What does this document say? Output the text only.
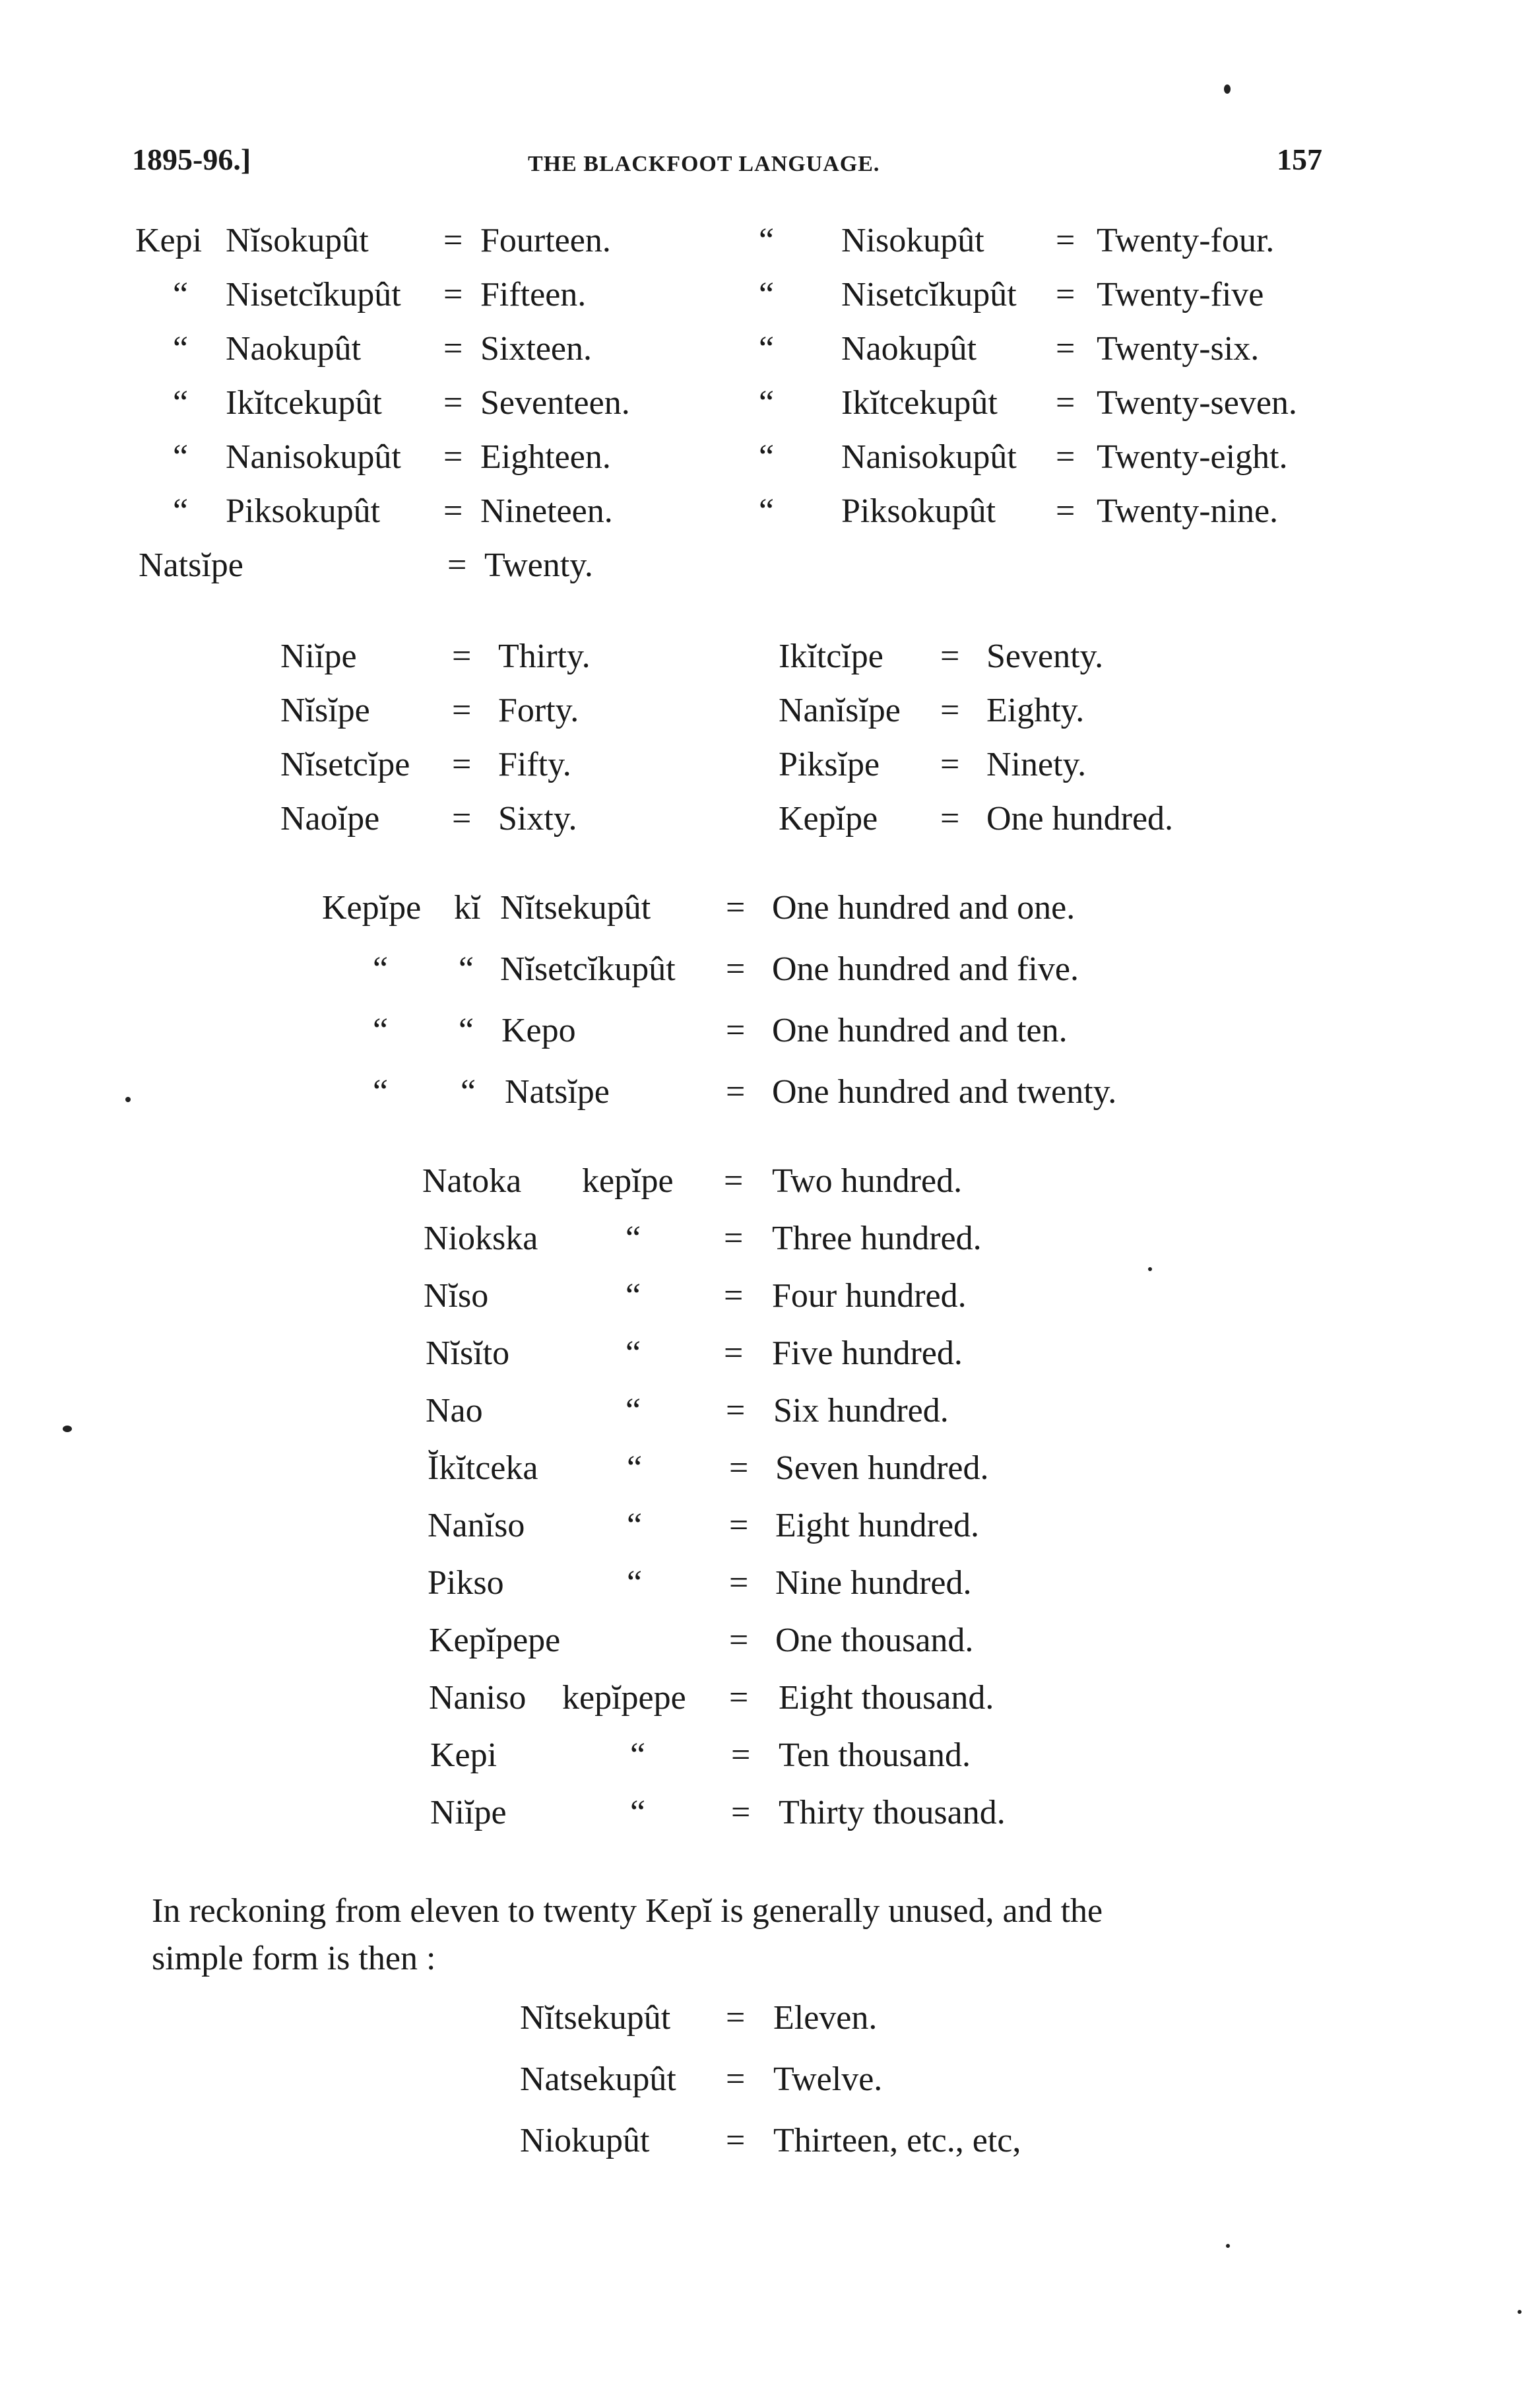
1895-96.]	THE BLACKFOOT LANGUAGE.	157
Kepi Nĭsokupût = Fourteen.
“ Nisetcĭkupût = Fifteen.
“ Naokupût = Sixteen.
“ Ikĭtcekupût = Seventeen.
“ Nanisokupût = Eighteen.
“ Piksokupût = Nineteen.
Natsĭpe	= Twenty.
“ Nisokupût = Twenty-four.
“ Nisetcĭkupût = Twenty-five
“ Naokupût = Twenty-six.
“ Ikĭtcekupût = Twenty-seven.
“ Nanisokupût = Twenty-eight.
“ Piksokupût = Twenty-nine.
Niĭpe	= Thirty.	Ikĭtcĭpe = Seventy.
Nĭsĭpe = Forty.	Nanĭsĭpe = Eighty.
Nĭsetcĭpe = Fifty.	Piksĭpe = Ninety.
Naoĭpe = Sixty.	Kepĭpe = One hundred.
Kepĭpe kĭ Nĭtsekupût = One hundred and one.
“ “ Nĭsetcĭkupût = One hundred and five.
“ “ Kepo	= One hundred and ten.
“ “ Natsĭpe	= One hundred and twenty.
Natoka kepĭpe = Two hundred.
Niokska	“ = Three hundred.
Nĭso	“ = Four hundred.
Nĭsĭto	“ = Five hundred.
Nao	“ = Six hundred.
Ĭkĭtceka	“	= Seven hundred.
Nanĭso	“	= Eight hundred.
Pikso	“	= Nine hundred.
Kepĭpepe	= One thousand.
Naniso kepĭpepe = Eight thousand.
Kepi	“ = Ten thousand.
Niĭpe	“ = Thirty thousand.
In reckoning from eleven to twenty Kepĭ is generally unused, and the
simple form is then :
Nĭtsekupût = Eleven.
Natsekupût = Twelve.
Niokupût = Thirteen, etc., etc,
